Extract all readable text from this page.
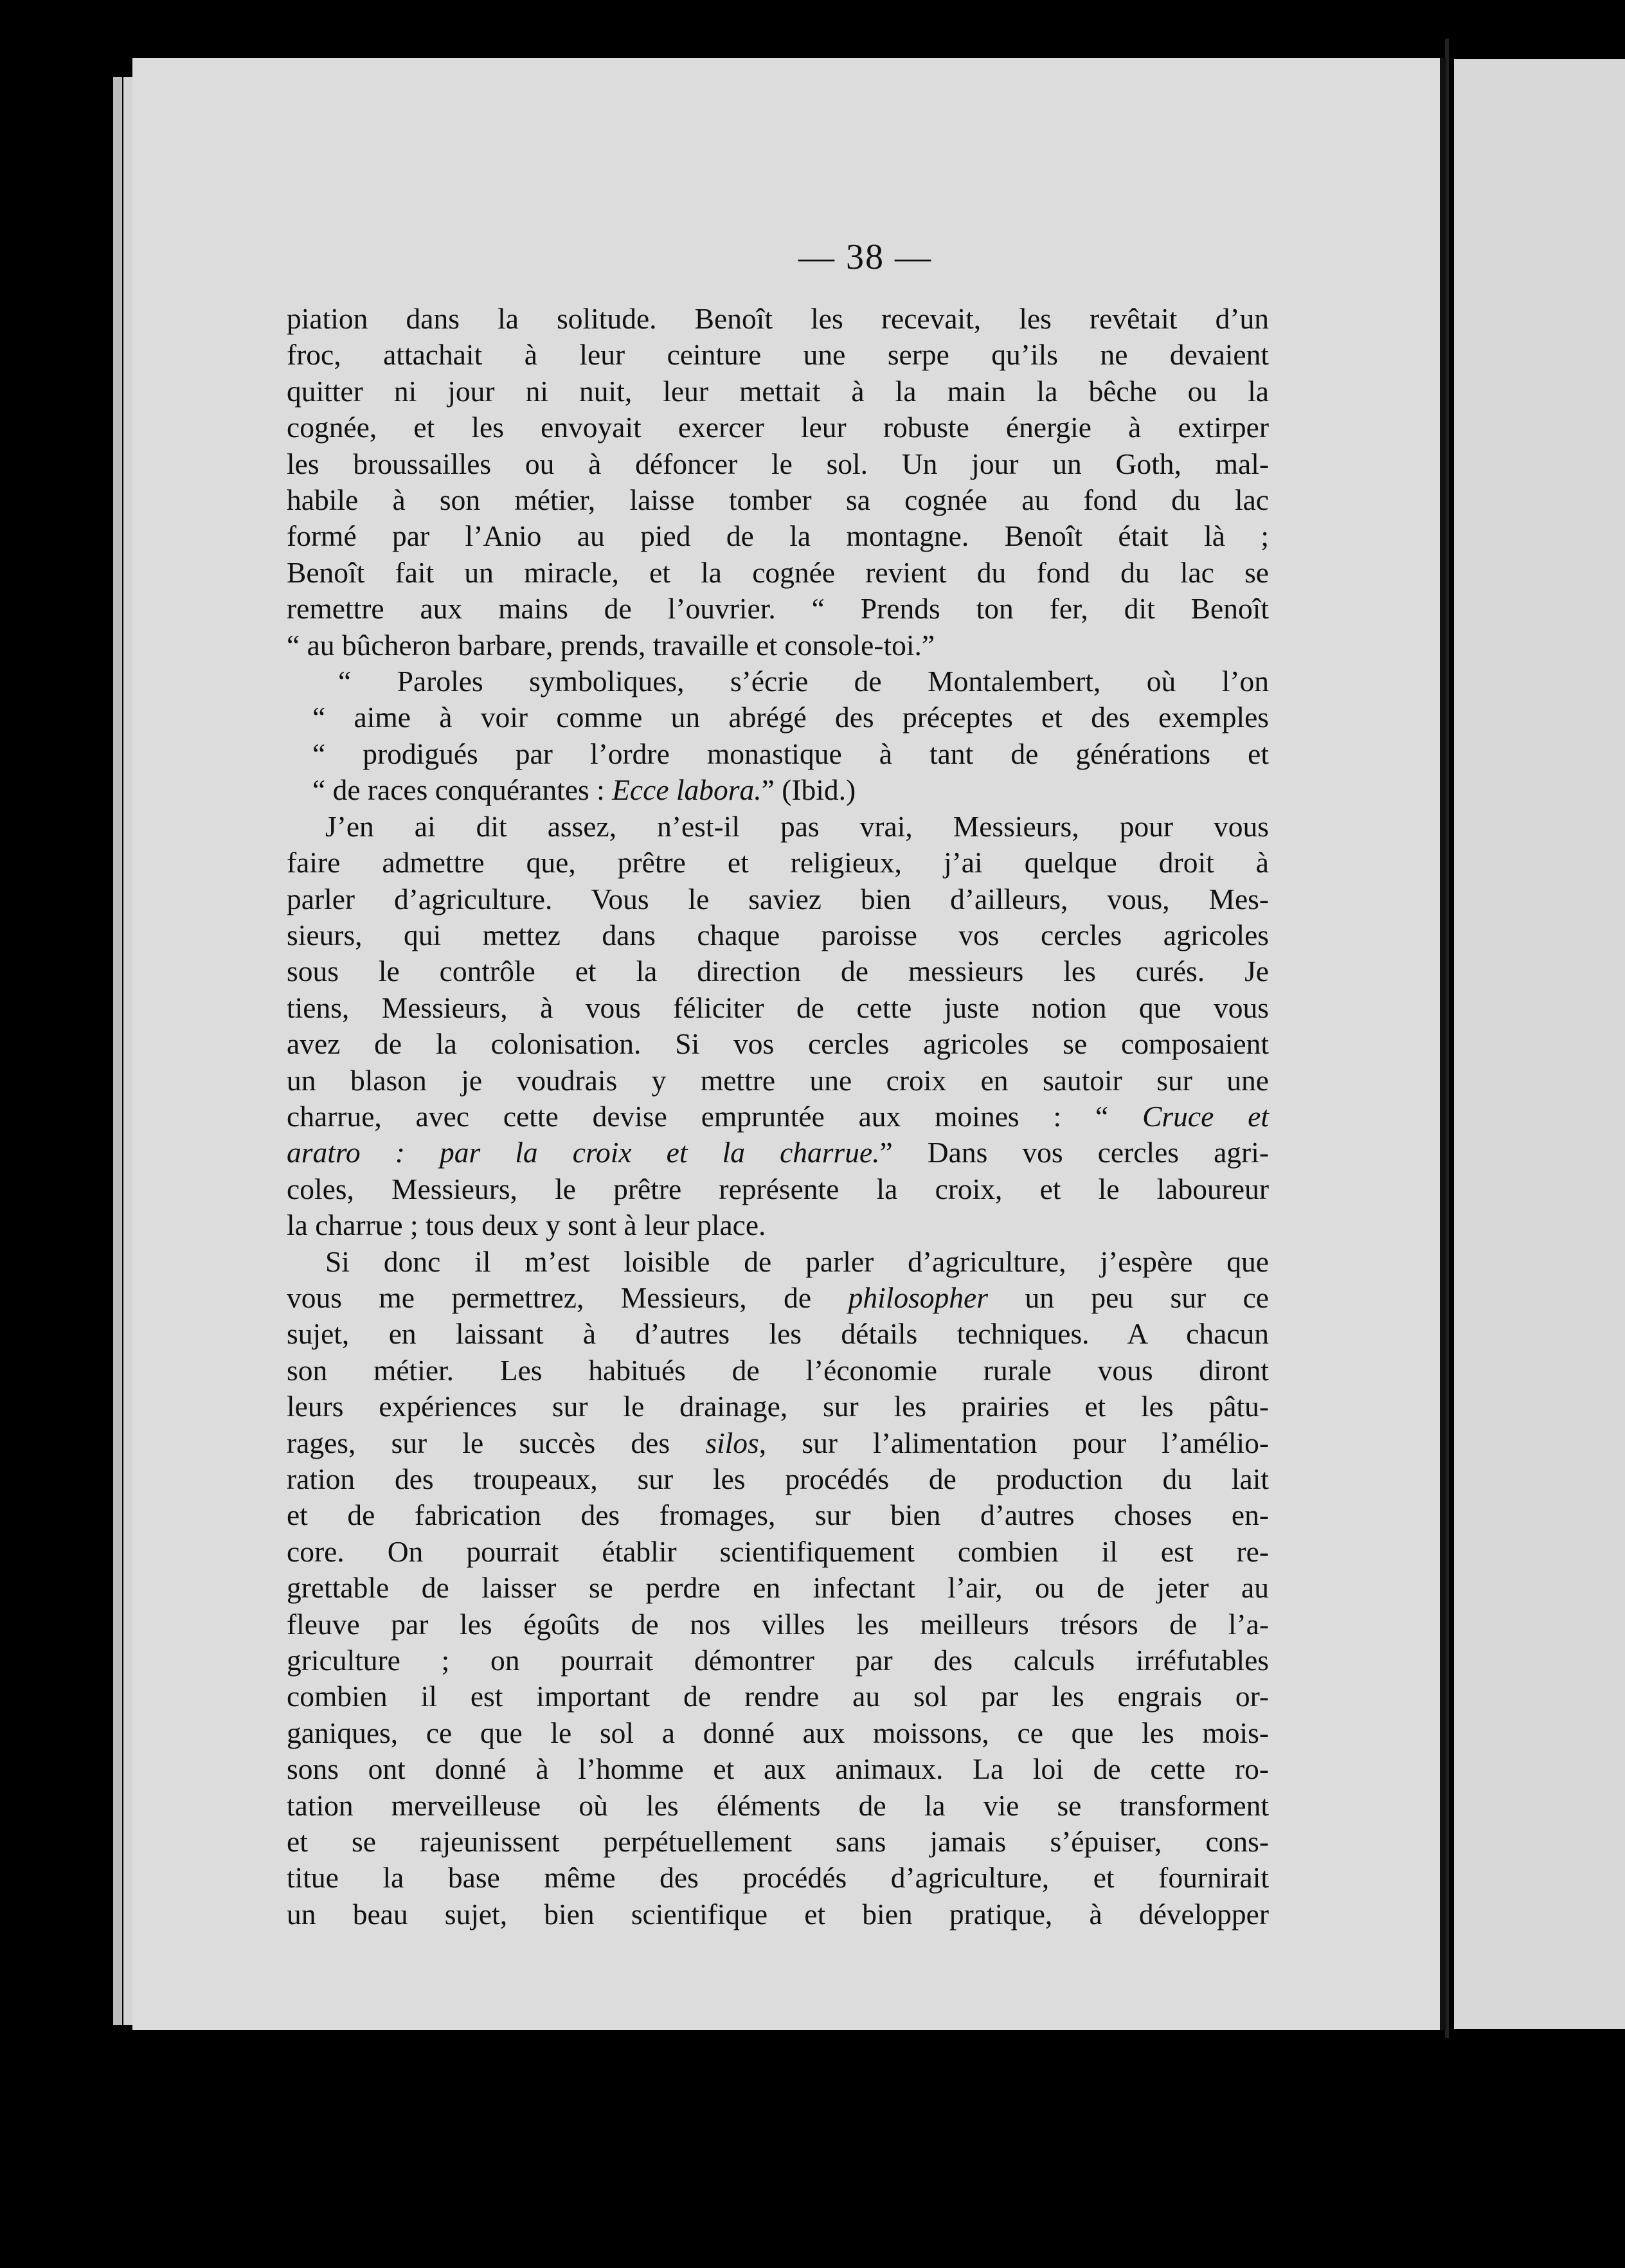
— 38 —

piation dans la solitude. Benoît les recevait, les revêtait d’un
froc, attachait à leur ceinture une serpe qu’ils ne devaient
quitter ni jour ni nuit, leur mettait à la main la bêche ou la
cognée, et les envoyait exercer leur robuste énergie à extirper
les broussailles ou à défoncer le sol. Un jour un Goth, mal-
habile à son métier, laisse tomber sa cognée au fond du lac
formé par l’Anio au pied de la montagne. Benoît était là ;
Benoît fait un miracle, et la cognée revient du fond du lac se
remettre aux mains de l’ouvrier. “ Prends ton fer, dit Benoît
“ au bûcheron barbare, prends, travaille et console-toi.”

“ Paroles symboliques, s’écrie de Montalembert, où l’on
“ aime à voir comme un abrégé des préceptes et des exemples
“ prodigués par l’ordre monastique à tant de générations et
“ de races conquérantes : Ecce labora.” (Ibid.)

J’en ai dit assez, n’est-il pas vrai, Messieurs, pour vous
faire admettre que, prêtre et religieux, j’ai quelque droit à
parler d’agriculture. Vous le saviez bien d’ailleurs, vous, Mes-
sieurs, qui mettez dans chaque paroisse vos cercles agricoles
sous le contrôle et la direction de messieurs les curés. Je
tiens, Messieurs, à vous féliciter de cette juste notion que vous
avez de la colonisation. Si vos cercles agricoles se composaient
un blason je voudrais y mettre une croix en sautoir sur une
charrue, avec cette devise empruntée aux moines : “ Cruce et
aratro : par la croix et la charrue.” Dans vos cercles agri-
coles, Messieurs, le prêtre représente la croix, et le laboureur
la charrue ; tous deux y sont à leur place.

Si donc il m’est loisible de parler d’agriculture, j’espère que
vous me permettrez, Messieurs, de philosopher un peu sur ce
sujet, en laissant à d’autres les détails techniques. A chacun
son métier. Les habitués de l’économie rurale vous diront
leurs expériences sur le drainage, sur les prairies et les pâtu-
rages, sur le succès des silos, sur l’alimentation pour l’amélio-
ration des troupeaux, sur les procédés de production du lait
et de fabrication des fromages, sur bien d’autres choses en-
core. On pourrait établir scientifiquement combien il est re-
grettable de laisser se perdre en infectant l’air, ou de jeter au
fleuve par les égoûts de nos villes les meilleurs trésors de l’a-
griculture ; on pourrait démontrer par des calculs irréfutables
combien il est important de rendre au sol par les engrais or-
ganiques, ce que le sol a donné aux moissons, ce que les mois-
sons ont donné à l’homme et aux animaux. La loi de cette ro-
tation merveilleuse où les éléments de la vie se transforment
et se rajeunissent perpétuellement sans jamais s’épuiser, cons-
titue la base même des procédés d’agriculture, et fournirait
un beau sujet, bien scientifique et bien pratique, à développer
